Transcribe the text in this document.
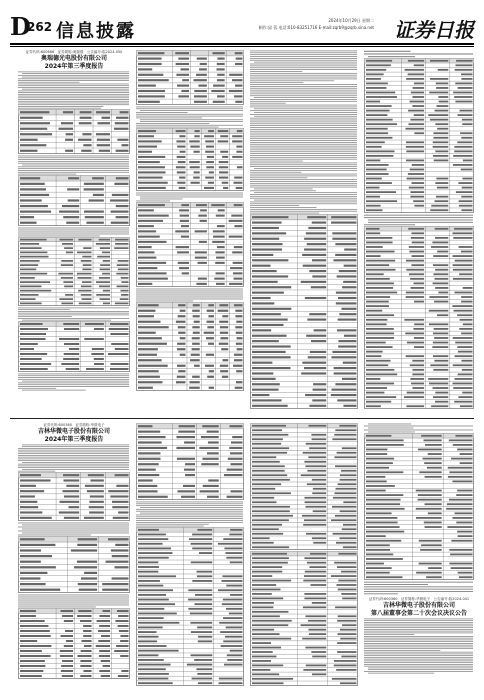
D
262 信息披露
2024年10月29日 星期二
制作:邱 蓉 电话:010-83251716 E-mail:zqrb9@zqrb.sina.net 证券日报
证券代码:600666　证券简称:奥瑞德　公告编号:临2024-050
奥瑞德光电股份有限公司
2024年第三季度报告
证券代码:600360　证券简称:华微电子
吉林华微电子股份有限公司
2024年第三季度报告
证券代码:600360　证券简称:华微电子　公告编号:临2024-041
吉林华微电子股份有限公司
第八届董事会第二十次会议决议公告
